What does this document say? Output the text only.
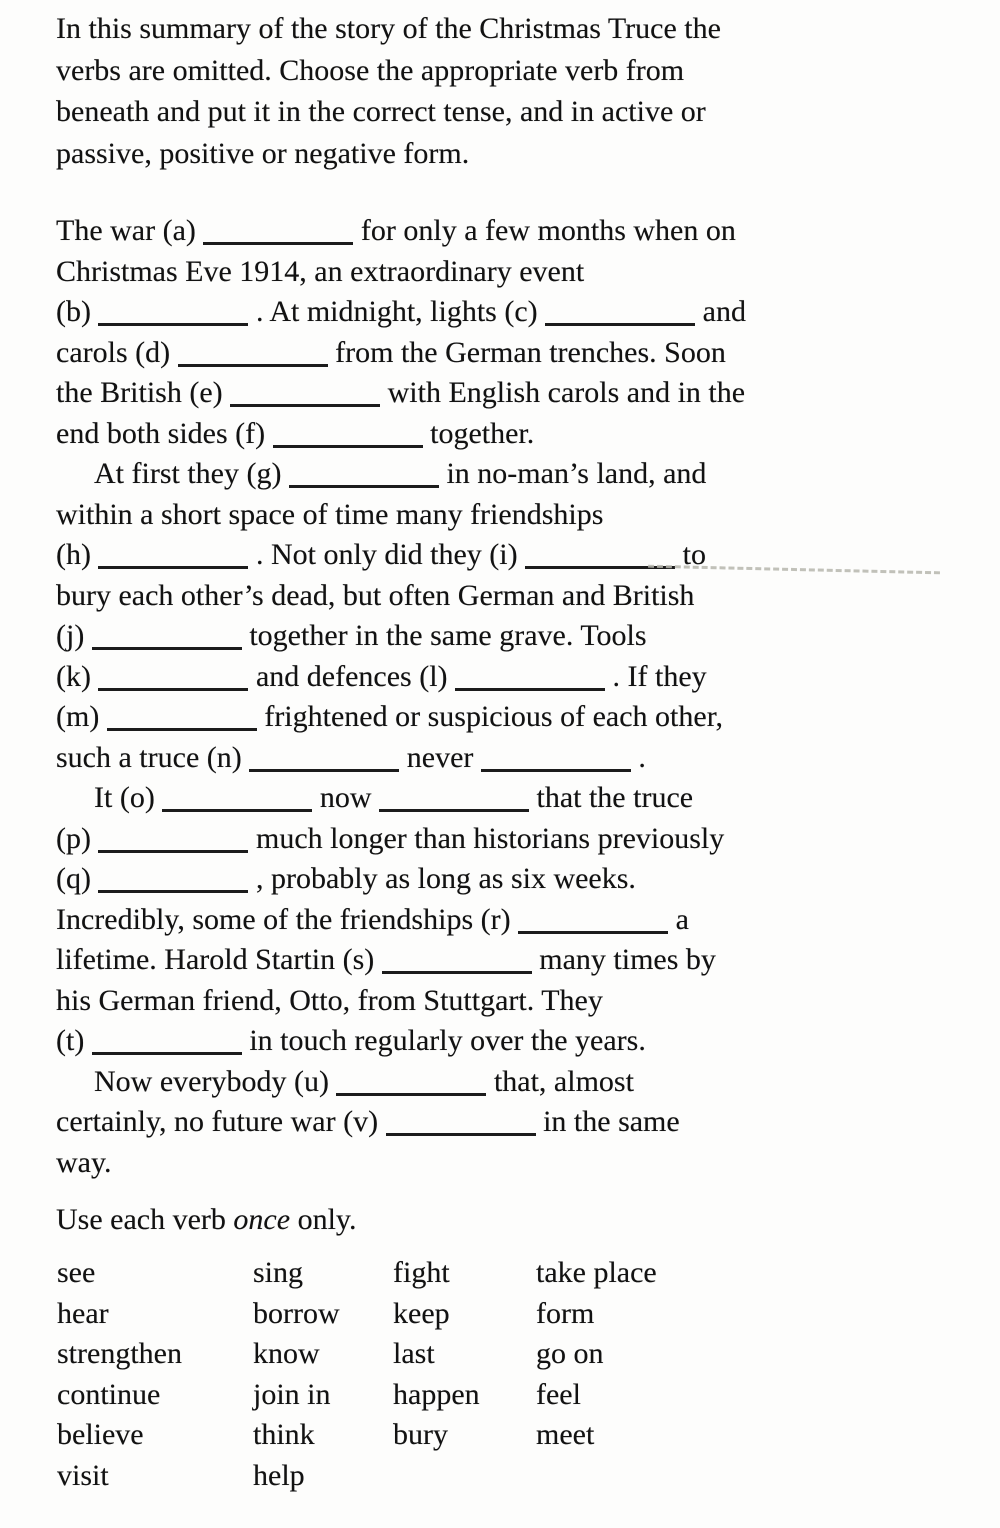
In this summary of the story of the Christmas Truce the
verbs are omitted. Choose the appropriate verb from
beneath and put it in the correct tense, and in active or
passive, positive or negative form.
The war (a)	for only a few months when on
Christmas Eve 1914, an extraordinary event
(b)	. At midnight, lights (c)	and
carols (d)	from the German trenches. Soon
the British (e)	with English carols and in the
end both sides (f)	together.
At first they (g)	in no-man’s land, and
within a short space of time many friendships
(h)	. Not only did they (i)	to
bury each other’s dead, but often German and British
(j)	together in the same grave. Tools
(k)	and defences (l)	. If they
(m)	frightened or suspicious of each other,
such a truce (n)	never	.
It (o)	now	that the truce
(p)	much longer than historians previously
(q)	, probably as long as six weeks.
Incredibly, some of the friendships (r)	a
lifetime. Harold Startin (s)	many times by
his German friend, Otto, from Stuttgart. They
(t)	in touch regularly over the years.
Now everybody (u)	that, almost
certainly, no future war (v)	in the same
way.
Use each verb once only.
see	sing	fight	take place
hear	borrow	keep	form
strengthen	know	last	go on
continue	join in	happen	feel
believe	think	bury	meet
visit	help
